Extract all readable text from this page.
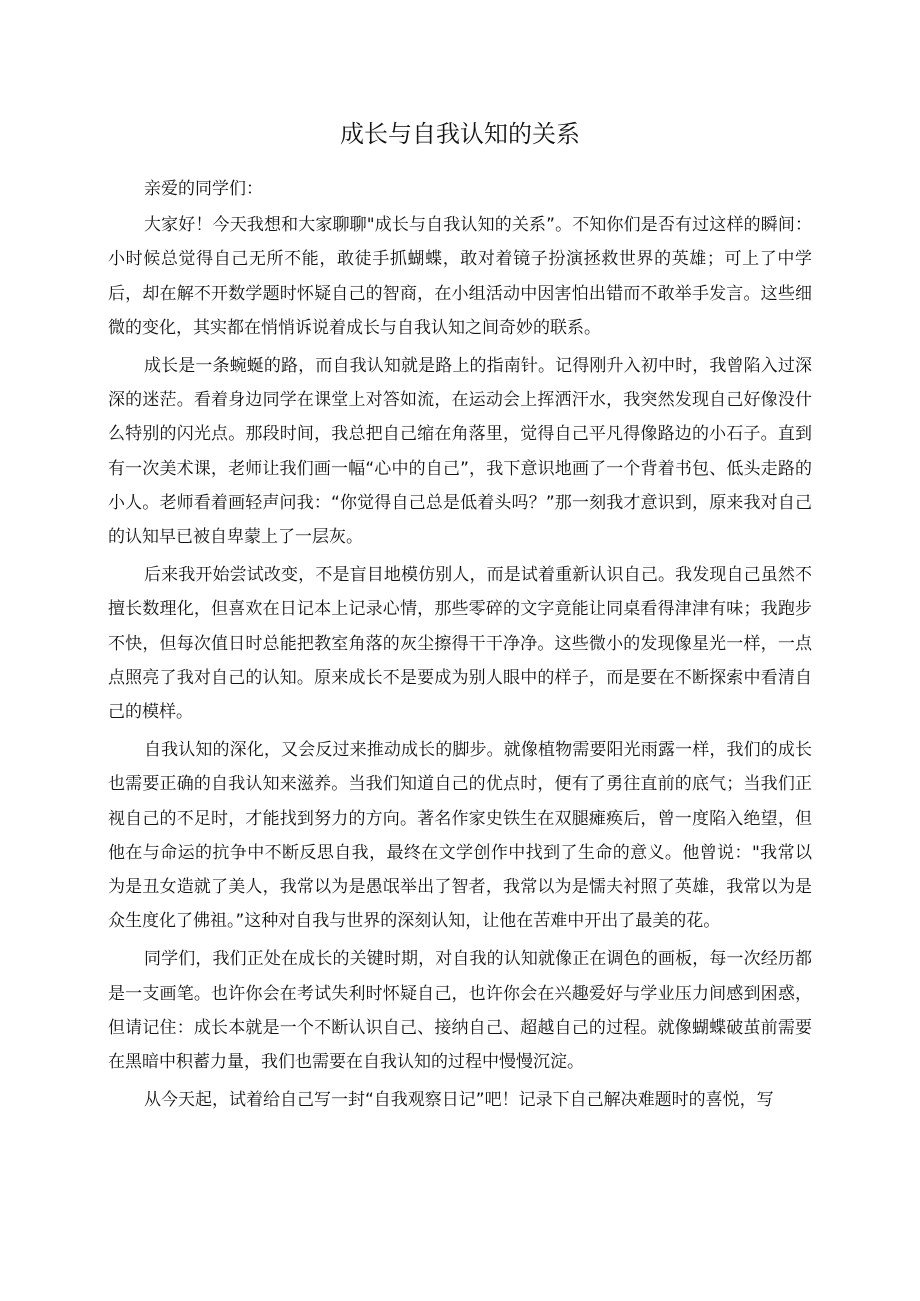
成长与自我认知的关系

亲爱的同学们：

大家好！今天我想和大家聊聊"成长与自我认知的关系”。不知你们是否有过这样的瞬间：小时候总觉得自己无所不能，敢徒手抓蝴蝶，敢对着镜子扮演拯救世界的英雄；可上了中学后，却在解不开数学题时怀疑自己的智商，在小组活动中因害怕出错而不敢举手发言。这些细微的变化，其实都在悄悄诉说着成长与自我认知之间奇妙的联系。

成长是一条蜿蜒的路，而自我认知就是路上的指南针。记得刚升入初中时，我曾陷入过深深的迷茫。看着身边同学在课堂上对答如流，在运动会上挥洒汗水，我突然发现自己好像没什么特别的闪光点。那段时间，我总把自己缩在角落里，觉得自己平凡得像路边的小石子。直到有一次美术课，老师让我们画一幅“心中的自己”，我下意识地画了一个背着书包、低头走路的小人。老师看着画轻声问我：“你觉得自己总是低着头吗？”那一刻我才意识到，原来我对自己的认知早已被自卑蒙上了一层灰。

后来我开始尝试改变，不是盲目地模仿别人，而是试着重新认识自己。我发现自己虽然不擅长数理化，但喜欢在日记本上记录心情，那些零碎的文字竟能让同桌看得津津有味；我跑步不快，但每次值日时总能把教室角落的灰尘擦得干干净净。这些微小的发现像星光一样，一点点照亮了我对自己的认知。原来成长不是要成为别人眼中的样子，而是要在不断探索中看清自己的模样。

自我认知的深化，又会反过来推动成长的脚步。就像植物需要阳光雨露一样，我们的成长也需要正确的自我认知来滋养。当我们知道自己的优点时，便有了勇往直前的底气；当我们正视自己的不足时，才能找到努力的方向。著名作家史铁生在双腿瘫痪后，曾一度陷入绝望，但他在与命运的抗争中不断反思自我，最终在文学创作中找到了生命的意义。他曾说："我常以为是丑女造就了美人，我常以为是愚氓举出了智者，我常以为是懦夫衬照了英雄，我常以为是众生度化了佛祖。”这种对自我与世界的深刻认知，让他在苦难中开出了最美的花。

同学们，我们正处在成长的关键时期，对自我的认知就像正在调色的画板，每一次经历都是一支画笔。也许你会在考试失利时怀疑自己，也许你会在兴趣爱好与学业压力间感到困惑，但请记住：成长本就是一个不断认识自己、接纳自己、超越自己的过程。就像蝴蝶破茧前需要在黑暗中积蓄力量，我们也需要在自我认知的过程中慢慢沉淀。

从今天起，试着给自己写一封“自我观察日记”吧！记录下自己解决难题时的喜悦，写
